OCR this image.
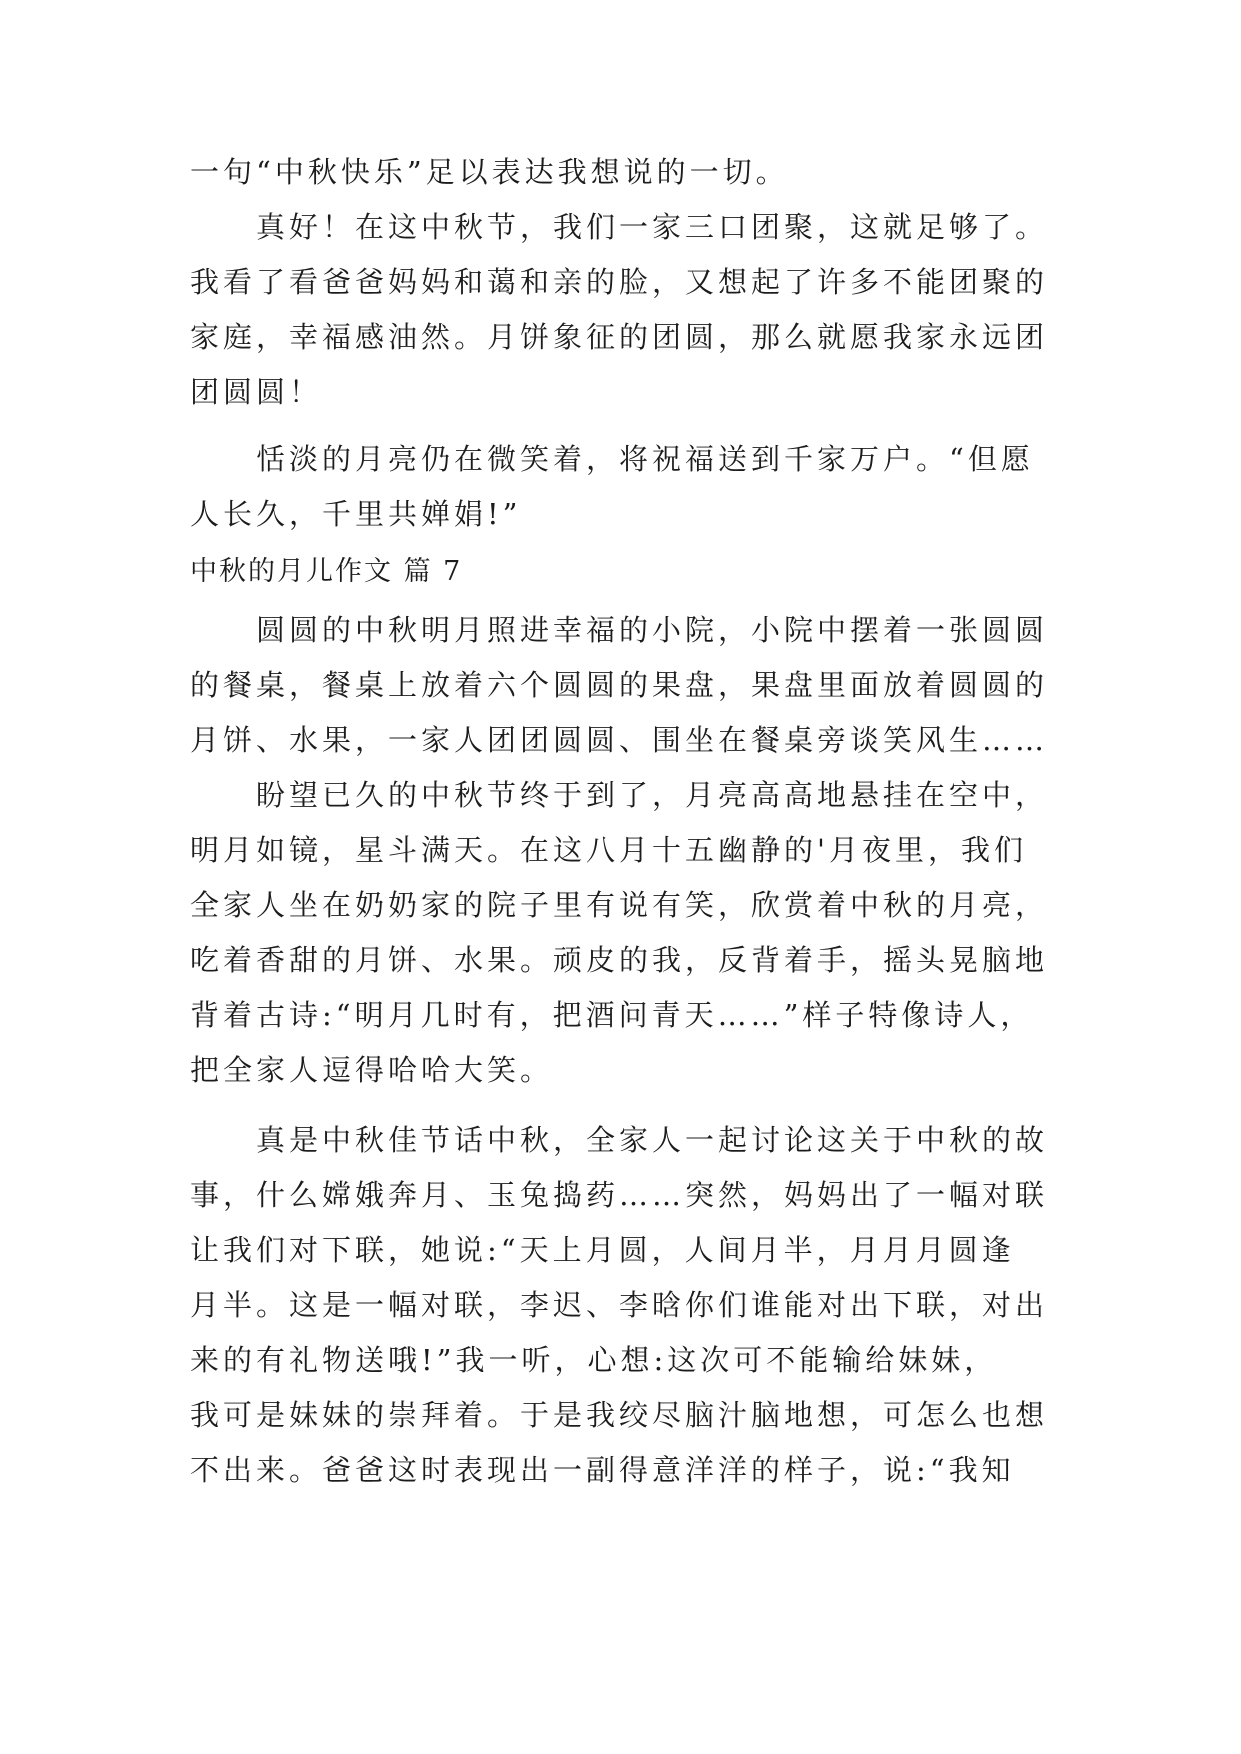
一句“中秋快乐”足以表达我想说的一切。
真好！在这中秋节，我们一家三口团聚，这就足够了。
我看了看爸爸妈妈和蔼和亲的脸，又想起了许多不能团聚的
家庭，幸福感油然。月饼象征的团圆，那么就愿我家永远团
团圆圆！
恬淡的月亮仍在微笑着，将祝福送到千家万户。“但愿
人长久，千里共婵娟!”
中秋的月儿作文 篇 7
圆圆的中秋明月照进幸福的小院，小院中摆着一张圆圆
的餐桌，餐桌上放着六个圆圆的果盘，果盘里面放着圆圆的
月饼、水果，一家人团团圆圆、围坐在餐桌旁谈笑风生……
盼望已久的中秋节终于到了，月亮高高地悬挂在空中，
明月如镜，星斗满天。在这八月十五幽静的'月夜里，我们
全家人坐在奶奶家的院子里有说有笑，欣赏着中秋的月亮，
吃着香甜的月饼、水果。顽皮的我，反背着手，摇头晃脑地
背着古诗:“明月几时有，把酒问青天……”样子特像诗人，
把全家人逗得哈哈大笑。
真是中秋佳节话中秋，全家人一起讨论这关于中秋的故
事，什么嫦娥奔月、玉兔捣药……突然，妈妈出了一幅对联
让我们对下联，她说:“天上月圆，人间月半，月月月圆逢
月半。这是一幅对联，李迟、李晗你们谁能对出下联，对出
来的有礼物送哦!”我一听，心想:这次可不能输给妹妹，
我可是妹妹的崇拜着。于是我绞尽脑汁脑地想，可怎么也想
不出来。爸爸这时表现出一副得意洋洋的样子，说:“我知
